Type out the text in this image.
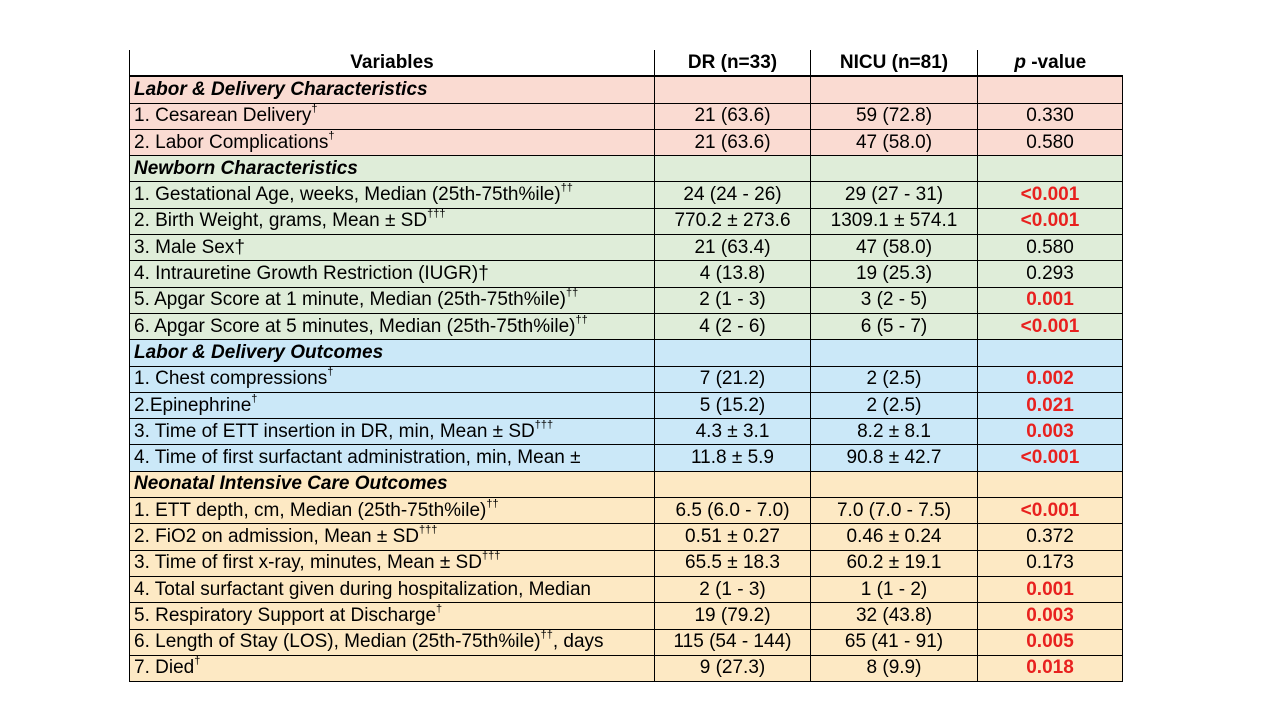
Variables	DR (n=33)	NICU (n=81)	p -value
Labor & Delivery Characteristics			
1. Cesarean Delivery†	21 (63.6)	59 (72.8)	0.330
2. Labor Complications†	21 (63.6)	47 (58.0)	0.580
Newborn Characteristics			
1. Gestational Age, weeks, Median (25th-75th%ile)††	24 (24 - 26)	29 (27 - 31)	<0.001
2. Birth Weight, grams, Mean ± SD†††	770.2 ± 273.6	1309.1 ± 574.1	<0.001
3. Male Sex†	21 (63.4)	47 (58.0)	0.580
4. Intrauretine Growth Restriction (IUGR)†	4 (13.8)	19 (25.3)	0.293
5. Apgar Score at 1 minute, Median (25th-75th%ile)††	2 (1 - 3)	3 (2 - 5)	0.001
6. Apgar Score at 5 minutes, Median (25th-75th%ile)††	4 (2 - 6)	6 (5 - 7)	<0.001
Labor & Delivery Outcomes			
1. Chest compressions†	7 (21.2)	2 (2.5)	0.002
2.Epinephrine†	5 (15.2)	2 (2.5)	0.021
3. Time of ETT insertion in DR, min, Mean ± SD†††	4.3 ± 3.1	8.2 ± 8.1	0.003
4. Time of first surfactant administration, min, Mean ±	11.8 ± 5.9	90.8 ± 42.7	<0.001
Neonatal Intensive Care Outcomes			
1. ETT depth, cm, Median (25th-75th%ile)††	6.5 (6.0 - 7.0)	7.0 (7.0 - 7.5)	<0.001
2. FiO2 on admission, Mean ± SD†††	0.51 ± 0.27	0.46 ± 0.24	0.372
3. Time of first x-ray, minutes, Mean ± SD†††	65.5 ± 18.3	60.2 ± 19.1	0.173
4. Total surfactant given during hospitalization, Median	2 (1 - 3)	1 (1 - 2)	0.001
5. Respiratory Support at Discharge†	19 (79.2)	32 (43.8)	0.003
6. Length of Stay (LOS), Median (25th-75th%ile)††, days	115 (54 - 144)	65 (41 - 91)	0.005
7. Died†	9 (27.3)	8 (9.9)	0.018
